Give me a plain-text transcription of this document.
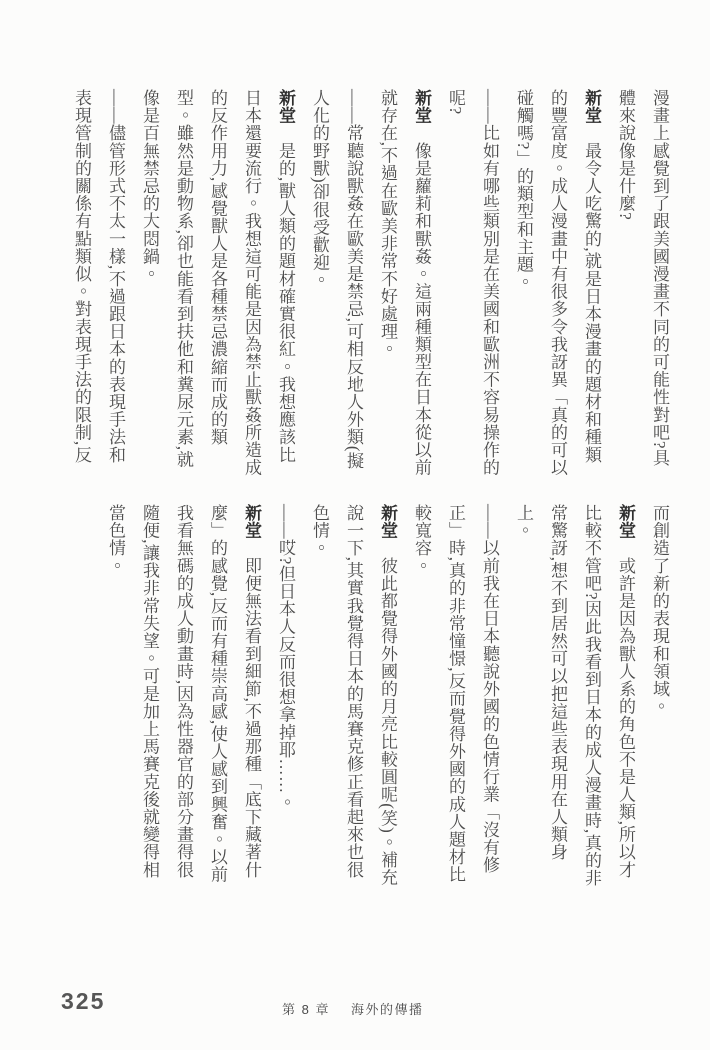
漫畫上感覺到了跟美國漫畫不同的可能性對吧?具體來說像是什麼?

新堂　最令人吃驚的,就是日本漫畫的題材和種類的豐富度。成人漫畫中有很多令我訝異「真的可以碰觸嗎?」的類型和主題。

——比如有哪些類別是在美國和歐洲不容易操作的呢?

新堂　像是蘿莉和獸姦。這兩種類型在日本從以前就存在,不過在歐美非常不好處理。

——常聽說獸姦在歐美是禁忌,可相反地人外類(擬人化的野獸)卻很受歡迎。

新堂　是的,獸人類的題材確實很紅。我想應該比日本還要流行。我想這可能是因為禁止獸姦所造成的反作用力,感覺獸人是各種禁忌濃縮而成的類型。雖然是動物系,卻也能看到扶他和糞尿元素,就像是百無禁忌的大悶鍋。

——儘管形式不太一樣,不過跟日本的表現手法和表現管制的關係有點類似。對表現手法的限制,反

而創造了新的表現和領域。

新堂　或許是因為獸人系的角色不是人類,所以才比較不管吧?因此我看到日本的成人漫畫時,真的非常驚訝,想不到居然可以把這些表現用在人類身上。

——以前我在日本聽說外國的色情行業「沒有修正」時,真的非常憧憬,反而覺得外國的成人題材比較寬容。

新堂　彼此都覺得外國的月亮比較圓呢(笑)。補充說一下,其實我覺得日本的馬賽克修正看起來也很色情。

——哎?但日本人反而很想拿掉耶……。

新堂　即便無法看到細節,不過那種「底下藏著什麼」的感覺,反而有種崇高感,使人感到興奮。以前我看無碼的成人動畫時,因為性器官的部分畫得很隨便,讓我非常失望。可是加上馬賽克後就變得相當色情。

325	第 8 章 海外的傳播
